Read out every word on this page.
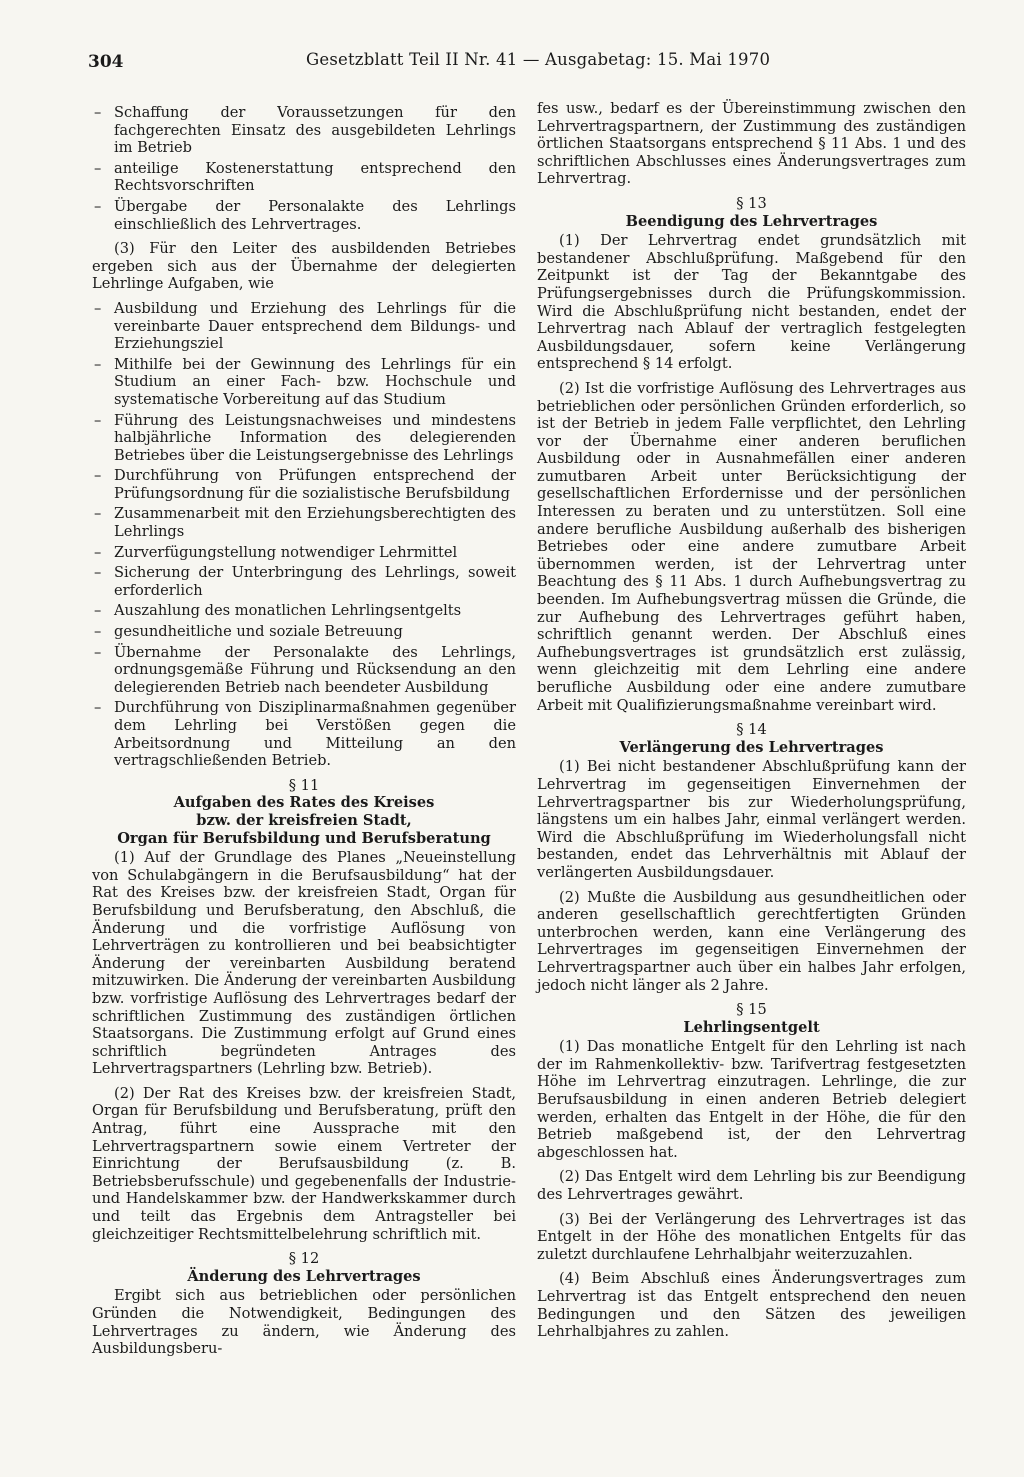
304	Gesetzblatt Teil II Nr. 41 — Ausgabetag: 15. Mai 1970
– Schaffung der Voraussetzungen für den fachgerechten Einsatz des ausgebildeten Lehrlings im Betrieb
– anteilige Kostenerstattung entsprechend den Rechtsvorschriften
– Übergabe der Personalakte des Lehrlings einschließlich des Lehrvertrages.

(3) Für den Leiter des ausbildenden Betriebes ergeben sich aus der Übernahme der delegierten Lehrlinge Aufgaben, wie

– Ausbildung und Erziehung des Lehrlings für die vereinbarte Dauer entsprechend dem Bildungs- und Erziehungsziel
– Mithilfe bei der Gewinnung des Lehrlings für ein Studium an einer Fach- bzw. Hochschule und systematische Vorbereitung auf das Studium
– Führung des Leistungsnachweises und mindestens halbjährliche Information des delegierenden Betriebes über die Leistungsergebnisse des Lehrlings
– Durchführung von Prüfungen entsprechend der Prüfungsordnung für die sozialistische Berufsbildung
– Zusammenarbeit mit den Erziehungsberechtigten des Lehrlings
– Zurverfügungstellung notwendiger Lehrmittel
– Sicherung der Unterbringung des Lehrlings, soweit erforderlich
– Auszahlung des monatlichen Lehrlingsentgelts
– gesundheitliche und soziale Betreuung
– Übernahme der Personalakte des Lehrlings, ordnungsgemäße Führung und Rücksendung an den delegierenden Betrieb nach beendeter Ausbildung
– Durchführung von Disziplinarmaßnahmen gegenüber dem Lehrling bei Verstößen gegen die Arbeitsordnung und Mitteilung an den vertragschließenden Betrieb.
§ 11
Aufgaben des Rates des Kreises
bzw. der kreisfreien Stadt,
Organ für Berufsbildung und Berufsberatung

(1) Auf der Grundlage des Planes „Neueinstellung von Schulabgängern in die Berufsausbildung“ hat der Rat des Kreises bzw. der kreisfreien Stadt, Organ für Berufsbildung und Berufsberatung, den Abschluß, die Änderung und die vorfristige Auflösung von Lehrverträgen zu kontrollieren und bei beabsichtigter Änderung der vereinbarten Ausbildung beratend mitzuwirken. Die Änderung der vereinbarten Ausbildung bzw. vorfristige Auflösung des Lehrvertrages bedarf der schriftlichen Zustimmung des zuständigen örtlichen Staatsorgans. Die Zustimmung erfolgt auf Grund eines schriftlich begründeten Antrages des Lehrvertragspartners (Lehrling bzw. Betrieb).

(2) Der Rat des Kreises bzw. der kreisfreien Stadt, Organ für Berufsbildung und Berufsberatung, prüft den Antrag, führt eine Aussprache mit den Lehrvertragspartnern sowie einem Vertreter der Einrichtung der Berufsausbildung (z. B. Betriebsberufsschule) und gegebenenfalls der Industrie- und Handelskammer bzw. der Handwerkskammer durch und teilt das Ergebnis dem Antragsteller bei gleichzeitiger Rechtsmittelbelehrung schriftlich mit.

§ 12
Änderung des Lehrvertrages

Ergibt sich aus betrieblichen oder persönlichen Gründen die Notwendigkeit, Bedingungen des Lehrvertrages zu ändern, wie Änderung des Ausbildungsberu-

fes usw., bedarf es der Übereinstimmung zwischen den Lehrvertragspartnern, der Zustimmung des zuständigen örtlichen Staatsorgans entsprechend § 11 Abs. 1 und des schriftlichen Abschlusses eines Änderungsvertrages zum Lehrvertrag.

§ 13
Beendigung des Lehrvertrages

(1) Der Lehrvertrag endet grundsätzlich mit bestandener Abschlußprüfung. Maßgebend für den Zeitpunkt ist der Tag der Bekanntgabe des Prüfungsergebnisses durch die Prüfungskommission. Wird die Abschlußprüfung nicht bestanden, endet der Lehrvertrag nach Ablauf der vertraglich festgelegten Ausbildungsdauer, sofern keine Verlängerung entsprechend § 14 erfolgt.

(2) Ist die vorfristige Auflösung des Lehrvertrages aus betrieblichen oder persönlichen Gründen erforderlich, so ist der Betrieb in jedem Falle verpflichtet, den Lehrling vor der Übernahme einer anderen beruflichen Ausbildung oder in Ausnahmefällen einer anderen zumutbaren Arbeit unter Berücksichtigung der gesellschaftlichen Erfordernisse und der persönlichen Interessen zu beraten und zu unterstützen. Soll eine andere berufliche Ausbildung außerhalb des bisherigen Betriebes oder eine andere zumutbare Arbeit übernommen werden, ist der Lehrvertrag unter Beachtung des § 11 Abs. 1 durch Aufhebungsvertrag zu beenden. Im Aufhebungsvertrag müssen die Gründe, die zur Aufhebung des Lehrvertrages geführt haben, schriftlich genannt werden. Der Abschluß eines Aufhebungsvertrages ist grundsätzlich erst zulässig, wenn gleichzeitig mit dem Lehrling eine andere berufliche Ausbildung oder eine andere zumutbare Arbeit mit Qualifizierungsmaßnahme vereinbart wird.

§ 14
Verlängerung des Lehrvertrages

(1) Bei nicht bestandener Abschlußprüfung kann der Lehrvertrag im gegenseitigen Einvernehmen der Lehrvertragspartner bis zur Wiederholungsprüfung, längstens um ein halbes Jahr, einmal verlängert werden. Wird die Abschlußprüfung im Wiederholungsfall nicht bestanden, endet das Lehrverhältnis mit Ablauf der verlängerten Ausbildungsdauer.

(2) Mußte die Ausbildung aus gesundheitlichen oder anderen gesellschaftlich gerechtfertigten Gründen unterbrochen werden, kann eine Verlängerung des Lehrvertrages im gegenseitigen Einvernehmen der Lehrvertragspartner auch über ein halbes Jahr erfolgen, jedoch nicht länger als 2 Jahre.

§ 15
Lehrlingsentgelt

(1) Das monatliche Entgelt für den Lehrling ist nach der im Rahmenkollektiv- bzw. Tarifvertrag festgesetzten Höhe im Lehrvertrag einzutragen. Lehrlinge, die zur Berufsausbildung in einen anderen Betrieb delegiert werden, erhalten das Entgelt in der Höhe, die für den Betrieb maßgebend ist, der den Lehrvertrag abgeschlossen hat.

(2) Das Entgelt wird dem Lehrling bis zur Beendigung des Lehrvertrages gewährt.

(3) Bei der Verlängerung des Lehrvertrages ist das Entgelt in der Höhe des monatlichen Entgelts für das zuletzt durchlaufene Lehrhalbjahr weiterzuzahlen.

(4) Beim Abschluß eines Änderungsvertrages zum Lehrvertrag ist das Entgelt entsprechend den neuen Bedingungen und den Sätzen des jeweiligen Lehrhalbjahres zu zahlen.
